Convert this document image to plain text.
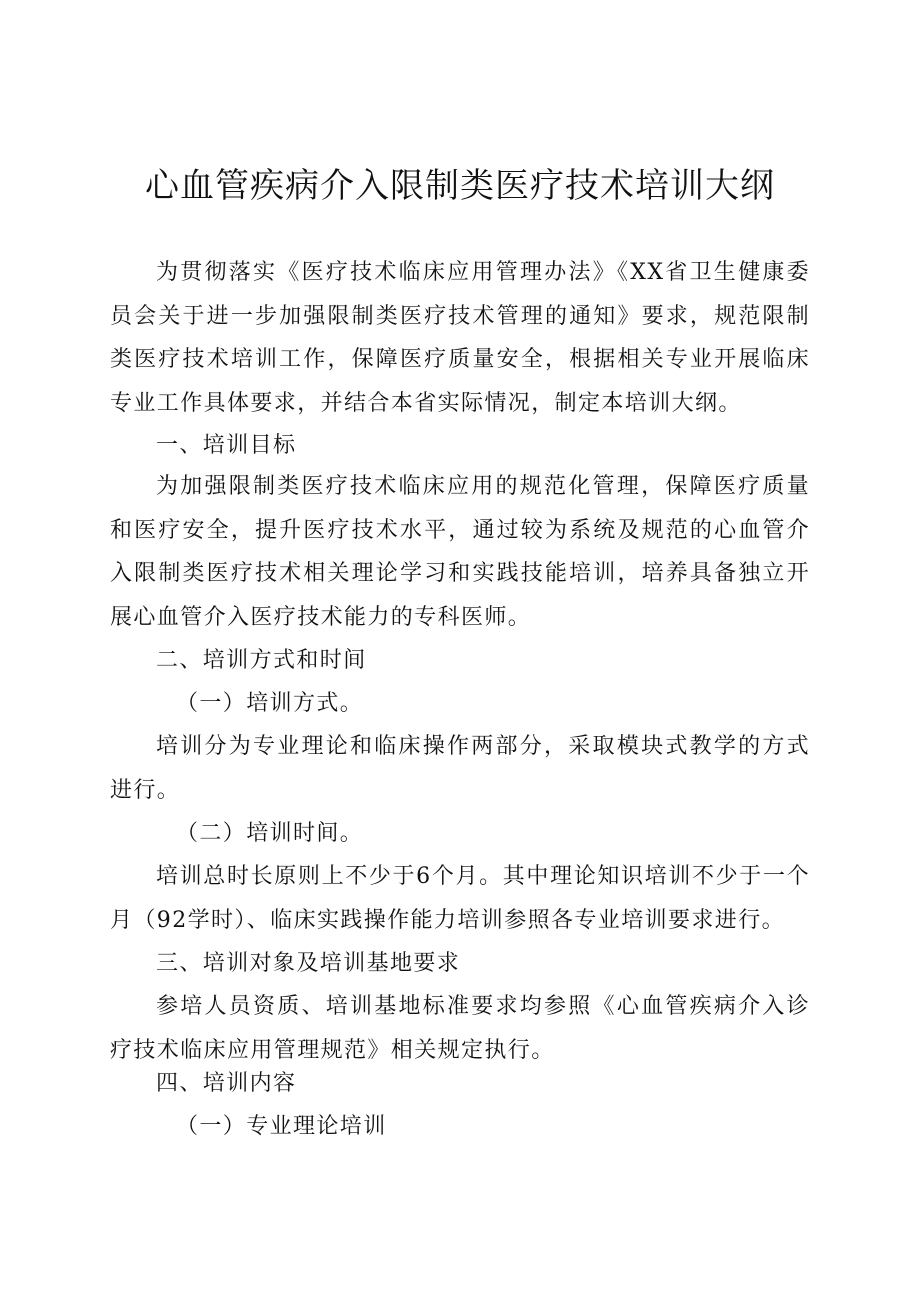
心血管疾病介入限制类医疗技术培训大纲

为贯彻落实《医疗技术临床应用管理办法》《XX省卫生健康委员会关于进一步加强限制类医疗技术管理的通知》要求，规范限制类医疗技术培训工作，保障医疗质量安全，根据相关专业开展临床专业工作具体要求，并结合本省实际情况，制定本培训大纲。

一、培训目标

为加强限制类医疗技术临床应用的规范化管理，保障医疗质量和医疗安全，提升医疗技术水平，通过较为系统及规范的心血管介入限制类医疗技术相关理论学习和实践技能培训，培养具备独立开展心血管介入医疗技术能力的专科医师。

二、培训方式和时间

（一）培训方式。

培训分为专业理论和临床操作两部分，采取模块式教学的方式进行。

（二）培训时间。

培训总时长原则上不少于6个月。其中理论知识培训不少于一个月（92学时）、临床实践操作能力培训参照各专业培训要求进行。

三、培训对象及培训基地要求

参培人员资质、培训基地标准要求均参照《心血管疾病介入诊疗技术临床应用管理规范》相关规定执行。

四、培训内容

（一）专业理论培训
